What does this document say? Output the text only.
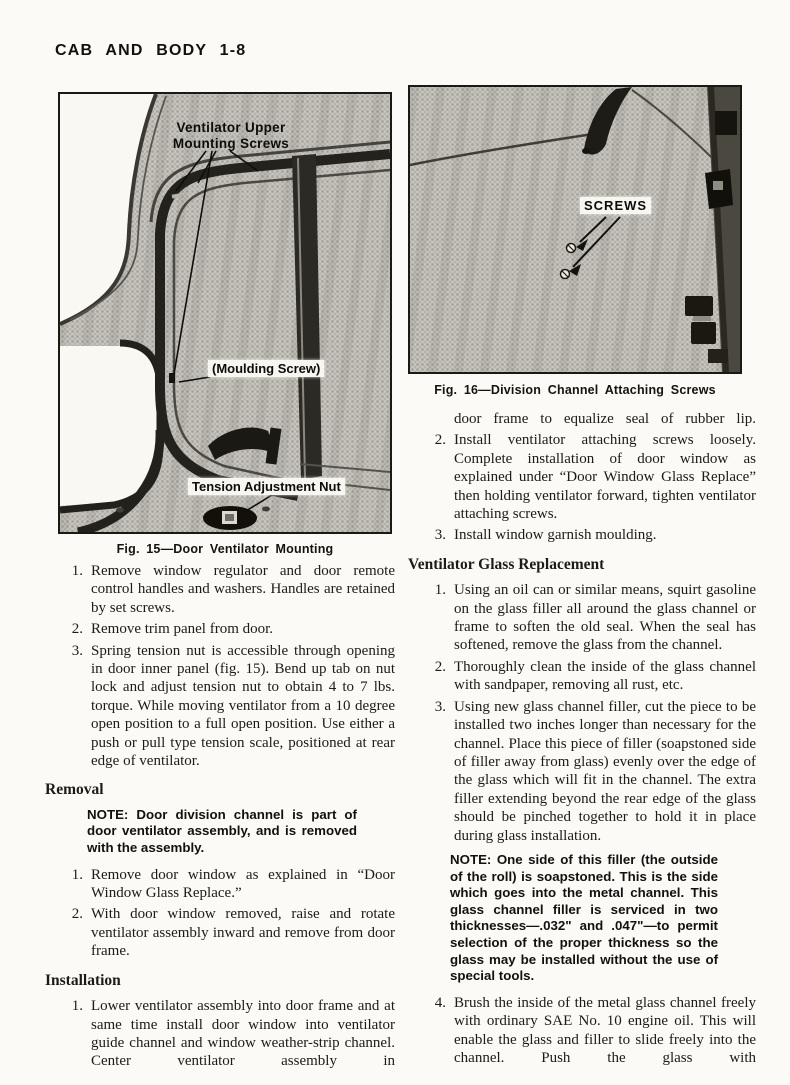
CAB AND BODY 1-8
Ventilator Upper
Mounting Screws
(Moulding Screw)
Tension Adjustment Nut
Fig. 15—Door Ventilator Mounting
SCREWS
Fig. 16—Division Channel Attaching Screws
1. Remove window regulator and door remote control handles and washers. Handles are retained by set screws.
2. Remove trim panel from door.
3. Spring tension nut is accessible through opening in door inner panel (fig. 15). Bend up tab on nut lock and adjust tension nut to obtain 4 to 7 lbs. torque. While moving ventilator from a 10 degree open position to a full open position. Use either a push or pull type tension scale, positioned at rear edge of ventilator.
Removal
NOTE: Door division channel is part of door ventilator assembly, and is removed with the assembly.
1. Remove door window as explained in “Door Window Glass Replace.”
2. With door window removed, raise and rotate ventilator assembly inward and remove from door frame.
Installation
1. Lower ventilator assembly into door frame and at same time install door window into ventilator guide channel and window weather-strip channel. Center ventilator assembly in
door frame to equalize seal of rubber lip.
2. Install ventilator attaching screws loosely. Complete installation of door window as explained under “Door Window Glass Replace” then holding ventilator forward, tighten ventilator attaching screws.
3. Install window garnish moulding.
Ventilator Glass Replacement
1. Using an oil can or similar means, squirt gasoline on the glass filler all around the glass channel or frame to soften the old seal. When the seal has softened, remove the glass from the channel.
2. Thoroughly clean the inside of the glass channel with sandpaper, removing all rust, etc.
3. Using new glass channel filler, cut the piece to be installed two inches longer than necessary for the channel. Place this piece of filler (soapstoned side of filler away from glass) evenly over the edge of the glass which will fit in the channel. The extra filler extending beyond the rear edge of the glass should be pinched together to hold it in place during glass installation.
NOTE: One side of this filler (the outside of the roll) is soapstoned. This is the side which goes into the metal channel. This glass channel filler is serviced in two thicknesses—.032" and .047"—to permit selection of the proper thickness so the glass may be installed without the use of special tools.
4. Brush the inside of the metal glass channel freely with ordinary SAE No. 10 engine oil. This will enable the glass and filler to slide freely into the channel. Push the glass with
